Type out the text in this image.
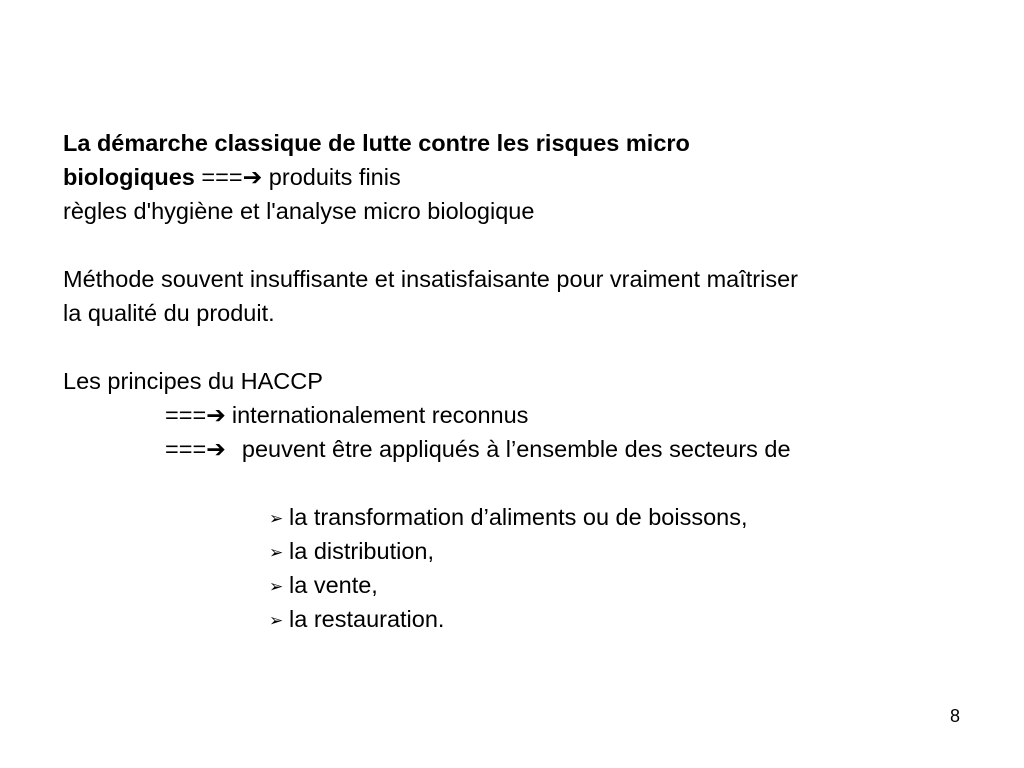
La démarche classique de lutte contre les risques micro
biologiques ===➔ produits finis
règles d'hygiène et l'analyse micro biologique
Méthode souvent insuffisante et insatisfaisante pour vraiment maîtriser
la qualité du produit.
Les principes du HACCP
===➔ internationalement reconnus
===➔ peuvent être appliqués à l’ensemble des secteurs de
➢ la transformation d’aliments ou de boissons,
➢ la distribution,
➢ la vente,
➢ la restauration.
8
